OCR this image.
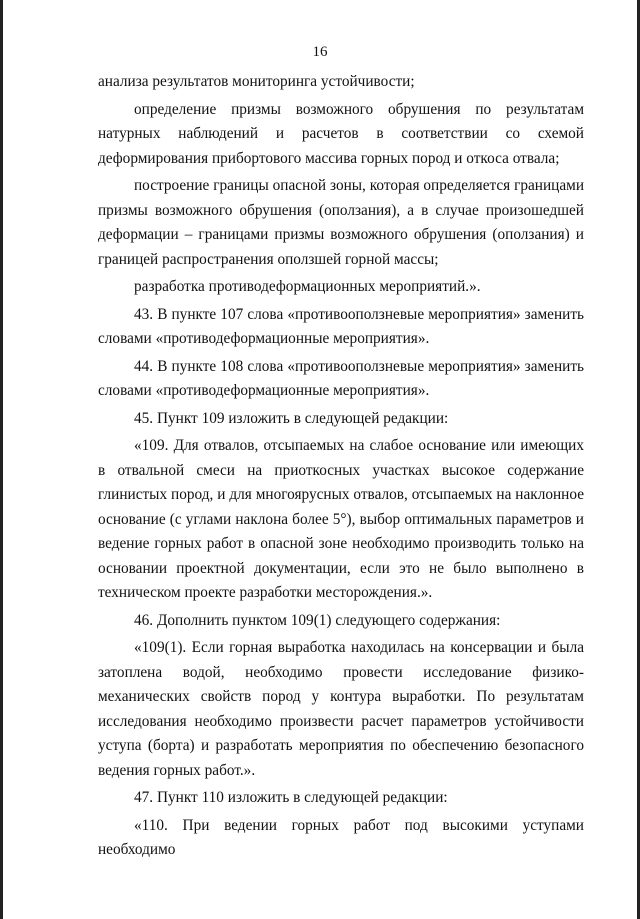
16

анализа результатов мониторинга устойчивости;

определение призмы возможного обрушения по результатам натурных наблюдений и расчетов в соответствии со схемой деформирования прибортового массива горных пород и откоса отвала;

построение границы опасной зоны, которая определяется границами призмы возможного обрушения (оползания), а в случае произошедшей деформации – границами призмы возможного обрушения (оползания) и границей распространения оползшей горной массы;

разработка противодеформационных мероприятий.».

43. В пункте 107 слова «противооползневые мероприятия» заменить словами «противодеформационные мероприятия».

44. В пункте 108 слова «противооползневые мероприятия» заменить словами «противодеформационные мероприятия».

45. Пункт 109 изложить в следующей редакции:

«109. Для отвалов, отсыпаемых на слабое основание или имеющих в отвальной смеси на приоткосных участках высокое содержание глинистых пород, и для многоярусных отвалов, отсыпаемых на наклонное основание (с углами наклона более 5°), выбор оптимальных параметров и ведение горных работ в опасной зоне необходимо производить только на основании проектной документации, если это не было выполнено в техническом проекте разработки месторождения.».

46. Дополнить пунктом 109(1) следующего содержания:

«109(1). Если горная выработка находилась на консервации и была затоплена водой, необходимо провести исследование физико-механических свойств пород у контура выработки. По результатам исследования необходимо произвести расчет параметров устойчивости уступа (борта) и разработать мероприятия по обеспечению безопасного ведения горных работ.».

47. Пункт 110 изложить в следующей редакции:

«110. При ведении горных работ под высокими уступами необходимо
